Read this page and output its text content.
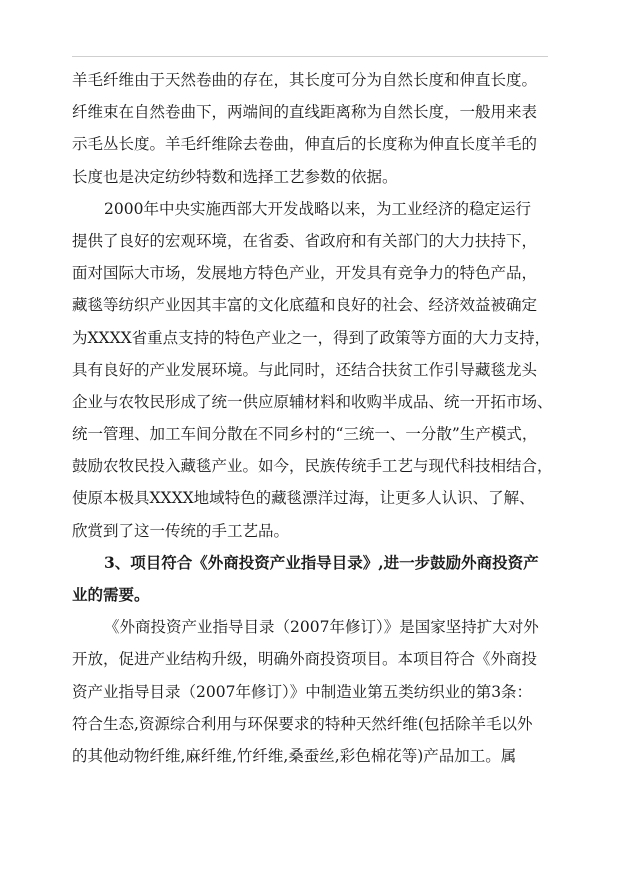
羊毛纤维由于天然卷曲的存在，其长度可分为自然长度和伸直长度。
纤维束在自然卷曲下，两端间的直线距离称为自然长度，一般用来表
示毛丛长度。羊毛纤维除去卷曲，伸直后的长度称为伸直长度羊毛的
长度也是决定纺纱特数和选择工艺参数的依据。
2000年中央实施西部大开发战略以来，为工业经济的稳定运行
提供了良好的宏观环境，在省委、省政府和有关部门的大力扶持下，
面对国际大市场，发展地方特色产业，开发具有竞争力的特色产品，
藏毯等纺织产业因其丰富的文化底蕴和良好的社会、经济效益被确定
为XXXX省重点支持的特色产业之一，得到了政策等方面的大力支持，
具有良好的产业发展环境。与此同时，还结合扶贫工作引导藏毯龙头
企业与农牧民形成了统一供应原辅材料和收购半成品、统一开拓市场、
统一管理、加工车间分散在不同乡村的“三统一、一分散”生产模式，
鼓励农牧民投入藏毯产业。如今，民族传统手工艺与现代科技相结合，
使原本极具XXXX地域特色的藏毯漂洋过海，让更多人认识、了解、
欣赏到了这一传统的手工艺品。
3、项目符合《外商投资产业指导目录》,进一步鼓励外商投资产
业的需要。
《外商投资产业指导目录（2007年修订）》是国家坚持扩大对外
开放，促进产业结构升级，明确外商投资项目。本项目符合《外商投
资产业指导目录（2007年修订）》中制造业第五类纺织业的第3条：
符合生态,资源综合利用与环保要求的特种天然纤维(包括除羊毛以外
的其他动物纤维,麻纤维,竹纤维,桑蚕丝,彩色棉花等)产品加工。属
